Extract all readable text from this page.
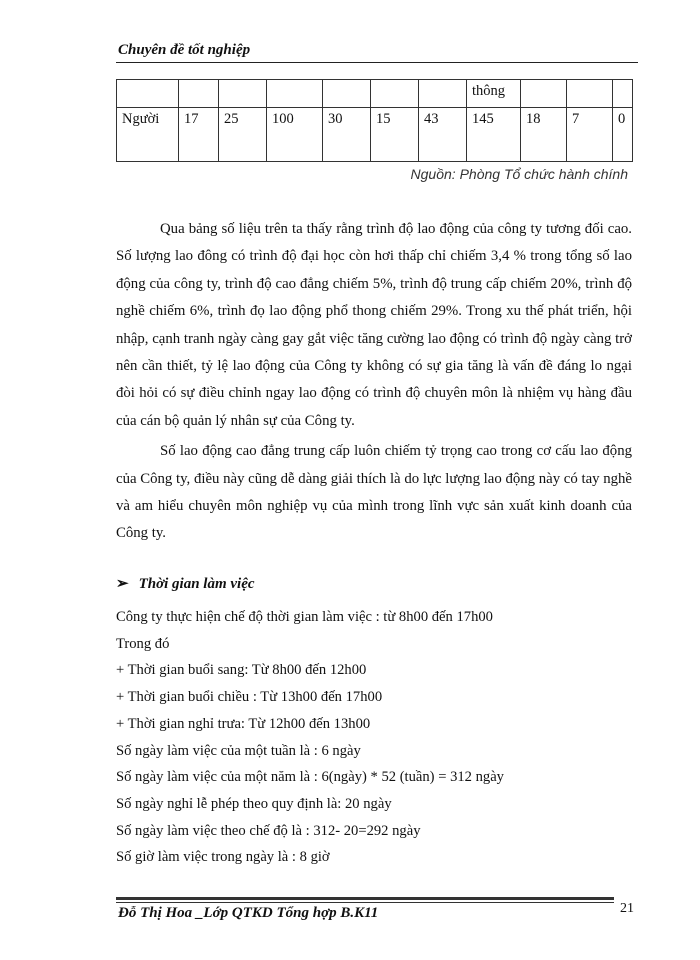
Chuyên đề tốt nghiệp
							thông			
Người	17	25	100	30	15	43	145	18	7	0
Nguồn: Phòng Tổ chức hành chính

Qua bảng số liệu trên ta thấy rằng trình độ lao động của công ty tương đối cao. Số lượng lao đông có trình độ đại học còn hơi thấp chỉ chiếm 3,4 % trong tổng số lao động của công ty, trình độ cao đẳng chiếm 5%, trình độ trung cấp chiếm 20%, trình độ nghề chiếm 6%, trình đọ lao động phổ thong chiếm 29%. Trong xu thế phát triển, hội nhập, cạnh tranh ngày càng gay gắt việc tăng cường lao động có trình độ ngày càng trở nên cần thiết, tỷ lệ lao động của Công ty không có sự gia tăng là vấn đề đáng lo ngại đòi hỏi có sự điều chỉnh ngay lao động có trình độ chuyên môn là nhiệm vụ hàng đầu của cán bộ quản lý nhân sự của Công ty.

Số lao động cao đẳng trung cấp luôn chiếm tỷ trọng cao trong cơ cấu lao động của Công ty, điều này cũng dễ dàng giải thích là do lực lượng lao động này có tay nghề và am hiểu chuyên môn nghiệp vụ của mình trong lĩnh vực sản xuất kinh doanh của Công ty.

➢ Thời gian làm việc
Công ty thực hiện chế độ thời gian làm việc : từ 8h00 đến 17h00
Trong đó
+ Thời gian buổi sang: Từ 8h00 đến 12h00
+ Thời gian buổi chiều : Từ 13h00 đến 17h00
+ Thời gian nghỉ trưa: Từ 12h00 đến 13h00
Số ngày làm việc của một tuần là : 6 ngày
Số ngày làm việc của một năm là : 6(ngày) * 52 (tuần) = 312 ngày
Số ngày nghỉ lễ phép theo quy định là: 20 ngày
Số ngày làm việc theo chế độ là : 312- 20=292 ngày
Số giờ làm việc trong ngày là : 8 giờ
Đỗ Thị Hoa _Lớp QTKD Tổng hợp B.K11	21
